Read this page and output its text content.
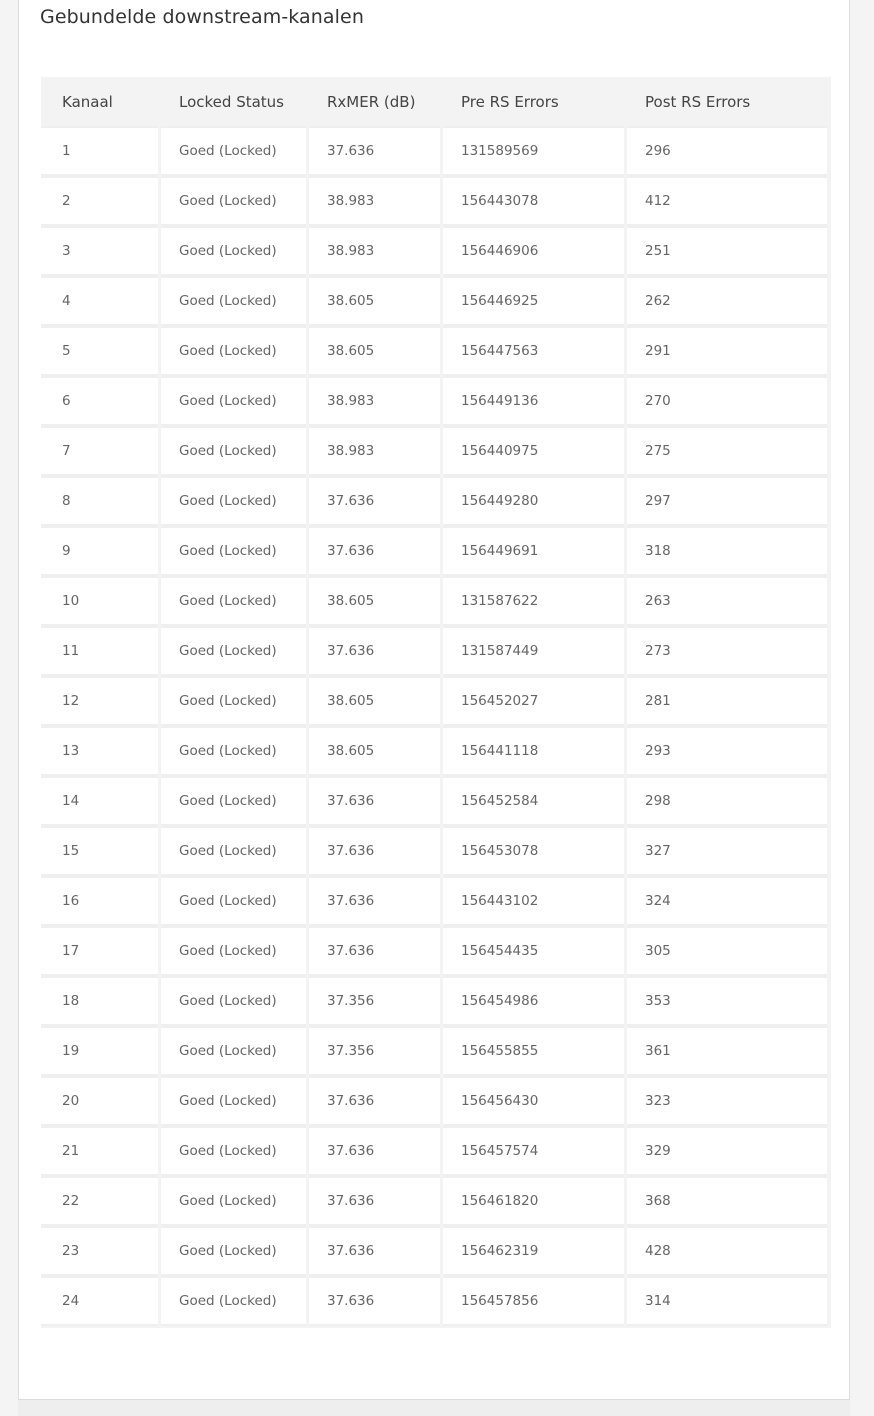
Gebundelde downstream-kanalen
Kanaal	Locked Status	RxMER (dB)	Pre RS Errors	Post RS Errors
1	Goed (Locked)	37.636	131589569	296
2	Goed (Locked)	38.983	156443078	412
3	Goed (Locked)	38.983	156446906	251
4	Goed (Locked)	38.605	156446925	262
5	Goed (Locked)	38.605	156447563	291
6	Goed (Locked)	38.983	156449136	270
7	Goed (Locked)	38.983	156440975	275
8	Goed (Locked)	37.636	156449280	297
9	Goed (Locked)	37.636	156449691	318
10	Goed (Locked)	38.605	131587622	263
11	Goed (Locked)	37.636	131587449	273
12	Goed (Locked)	38.605	156452027	281
13	Goed (Locked)	38.605	156441118	293
14	Goed (Locked)	37.636	156452584	298
15	Goed (Locked)	37.636	156453078	327
16	Goed (Locked)	37.636	156443102	324
17	Goed (Locked)	37.636	156454435	305
18	Goed (Locked)	37.356	156454986	353
19	Goed (Locked)	37.356	156455855	361
20	Goed (Locked)	37.636	156456430	323
21	Goed (Locked)	37.636	156457574	329
22	Goed (Locked)	37.636	156461820	368
23	Goed (Locked)	37.636	156462319	428
24	Goed (Locked)	37.636	156457856	314
